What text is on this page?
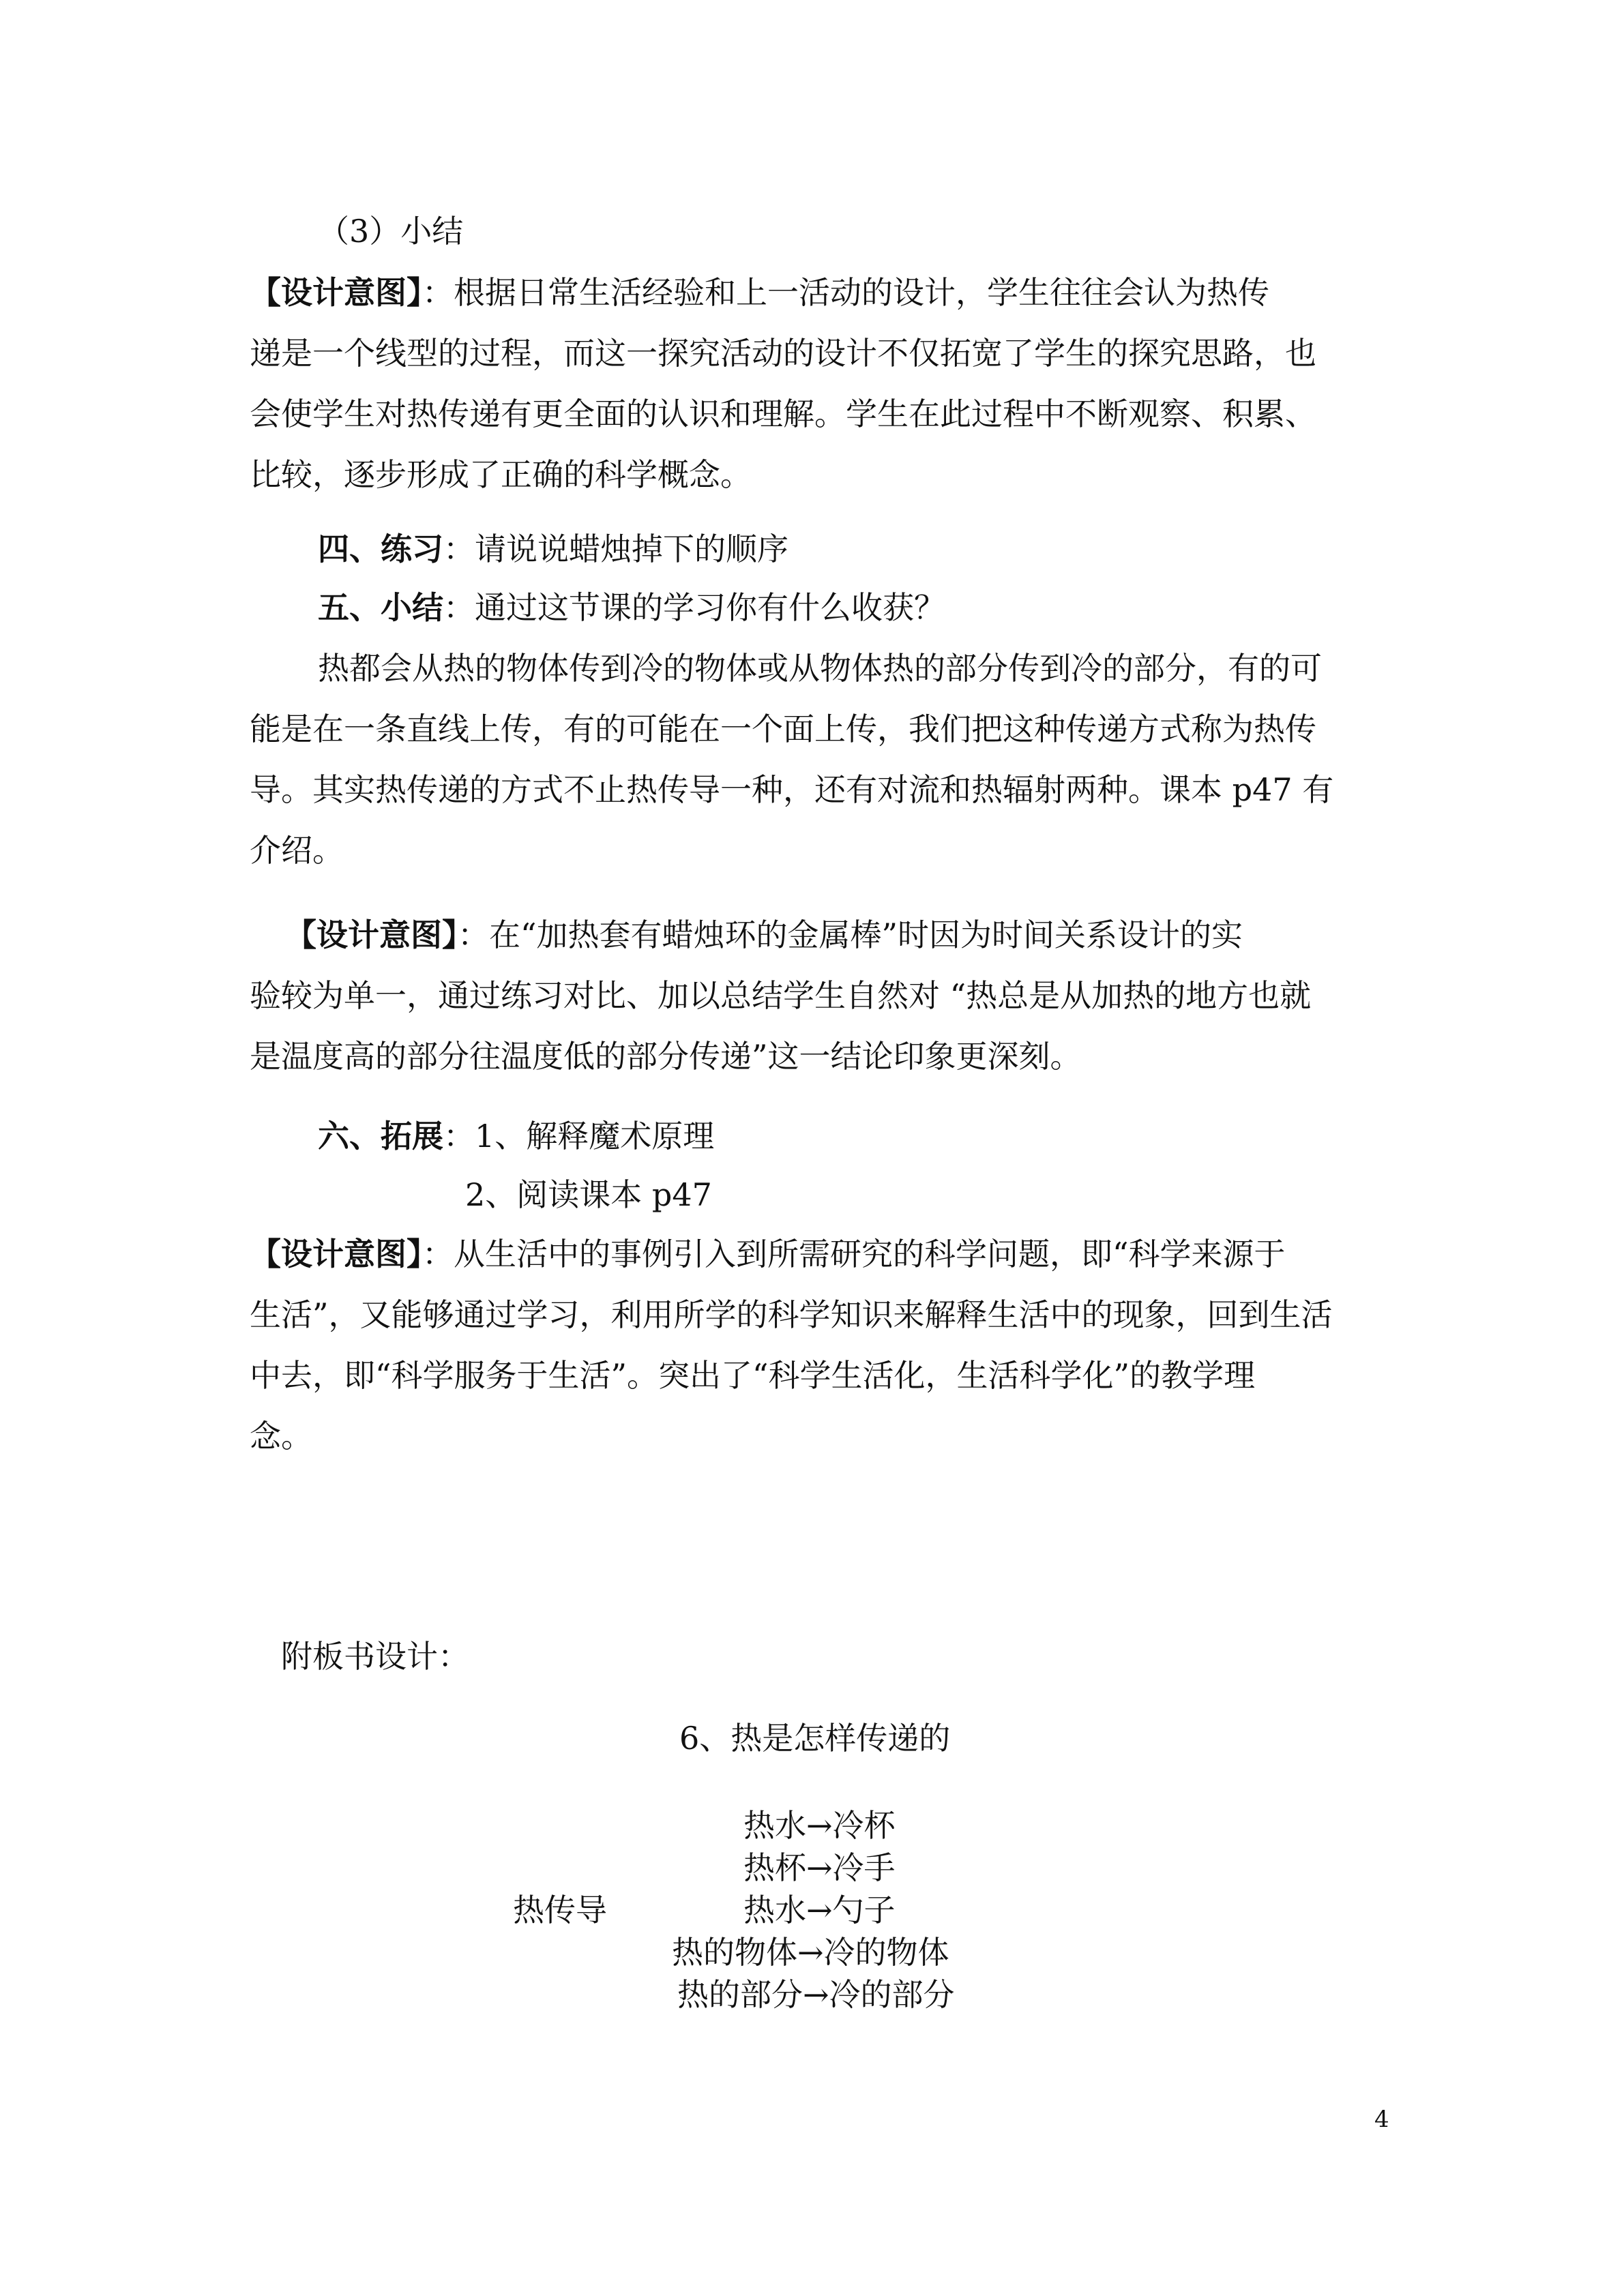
（3）小结
【设计意图】：根据日常生活经验和上一活动的设计，学生往往会认为热传
递是一个线型的过程，而这一探究活动的设计不仅拓宽了学生的探究思路，也
会使学生对热传递有更全面的认识和理解。学生在此过程中不断观察、积累、
比较，逐步形成了正确的科学概念。
四、练习：请说说蜡烛掉下的顺序
五、小结：通过这节课的学习你有什么收获？
热都会从热的物体传到冷的物体或从物体热的部分传到冷的部分，有的可
能是在一条直线上传，有的可能在一个面上传，我们把这种传递方式称为热传
导。其实热传递的方式不止热传导一种，还有对流和热辐射两种。课本 p47 有
介绍。
【设计意图】：在“加热套有蜡烛环的金属棒”时因为时间关系设计的实
验较为单一，通过练习对比、加以总结学生自然对 “热总是从加热的地方也就
是温度高的部分往温度低的部分传递”这一结论印象更深刻。
六、拓展：1、解释魔术原理
2、阅读课本 p47
【设计意图】：从生活中的事例引入到所需研究的科学问题，即“科学来源于
生活”，又能够通过学习，利用所学的科学知识来解释生活中的现象，回到生活
中去，即“科学服务于生活”。突出了“科学生活化，生活科学化”的教学理
念。
附板书设计：
6、热是怎样传递的
热水→冷杯
热杯→冷手
热传导	热水→勺子
热的物体→冷的物体
热的部分→冷的部分
4
